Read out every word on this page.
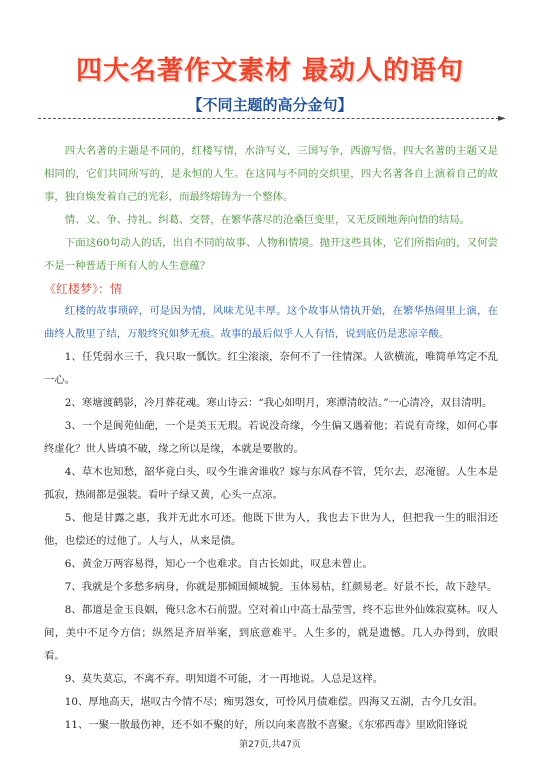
四大名著作文素材 最动人的语句
【不同主题的高分金句】
►

四大名著的主题是不同的，红楼写情，水浒写义，三国写争，西游写悟。四大名著的主题又是相同的，它们共同所写的，是永恒的人生。在这同与不同的交织里，四大名著各自上演着自己的故事，独自焕发着自己的光彩，而最终熔铸为一个整体。

情、义、争、持礼、纠葛、交替，在繁华落尽的沧桑巨变里，又无反顾地奔向悟的结局。

下面这60句动人的话，出自不同的故事、人物和情境。抛开这些具体，它们所指向的，又何尝不是一种普适于所有人的人生意蕴？

《红楼梦》：情

红楼的故事琐碎，可是因为情，风味尤见丰厚。这个故事从情执开始，在繁华热闹里上演，在曲终人散里了结，万般终究如梦无痕。故事的最后似乎人人有悟，说到底仍是悲凉辛酸。

1、任凭弱水三千，我只取一瓢饮。红尘滚滚，奈何不了一往情深。人欲横流，唯简单笃定不乱一心。

2、寒塘渡鹤影，冷月葬花魂。寒山诗云：“我心如明月，寒潭清皎洁。”一心清冷，双目清明。

3、一个是阆苑仙葩，一个是美玉无瑕。若说没奇缘，今生偏又遇着他；若说有奇缘，如何心事终虚化？世人皆填不破，缘之所以是缘，本就是要散的。

4、草木也知愁，韶华竟白头，叹今生谁舍谁收？嫁与东风春不管，凭尔去，忍淹留。人生本是孤寂，热闹都是强装。看叶子绿又黄，心头一点凉。

5、他是甘露之惠，我并无此水可还。他既下世为人，我也去下世为人，但把我一生的眼泪还他，也偿还的过他了。人与人，从来是债。

6、黄金万两容易得，知心一个也难求。自古长如此，叹息未曾止。

7、我就是个多愁多病身，你就是那倾国倾城貌。玉体易枯，红颜易老。好景不长，故下趁早。

8、都道是金玉良姻，俺只念木石前盟。空对着山中高士晶莹雪，终不忘世外仙姝寂寞林。叹人间，美中不足今方信；纵然是齐眉举案，到底意难平。人生多的，就是遗憾。几人办得到，放眼看。

9、莫失莫忘，不离不弃。明知道不可能，才一再地说。人总是这样。

10、厚地高天，堪叹古今情不尽；痴男怨女，可怜风月债难偿。四海又五湖，古今几女泪。

11、一聚一散最伤神，还不如不聚的好，所以向来喜散不喜聚。《东邪西毒》里欧阳锋说

第27页,共47页
